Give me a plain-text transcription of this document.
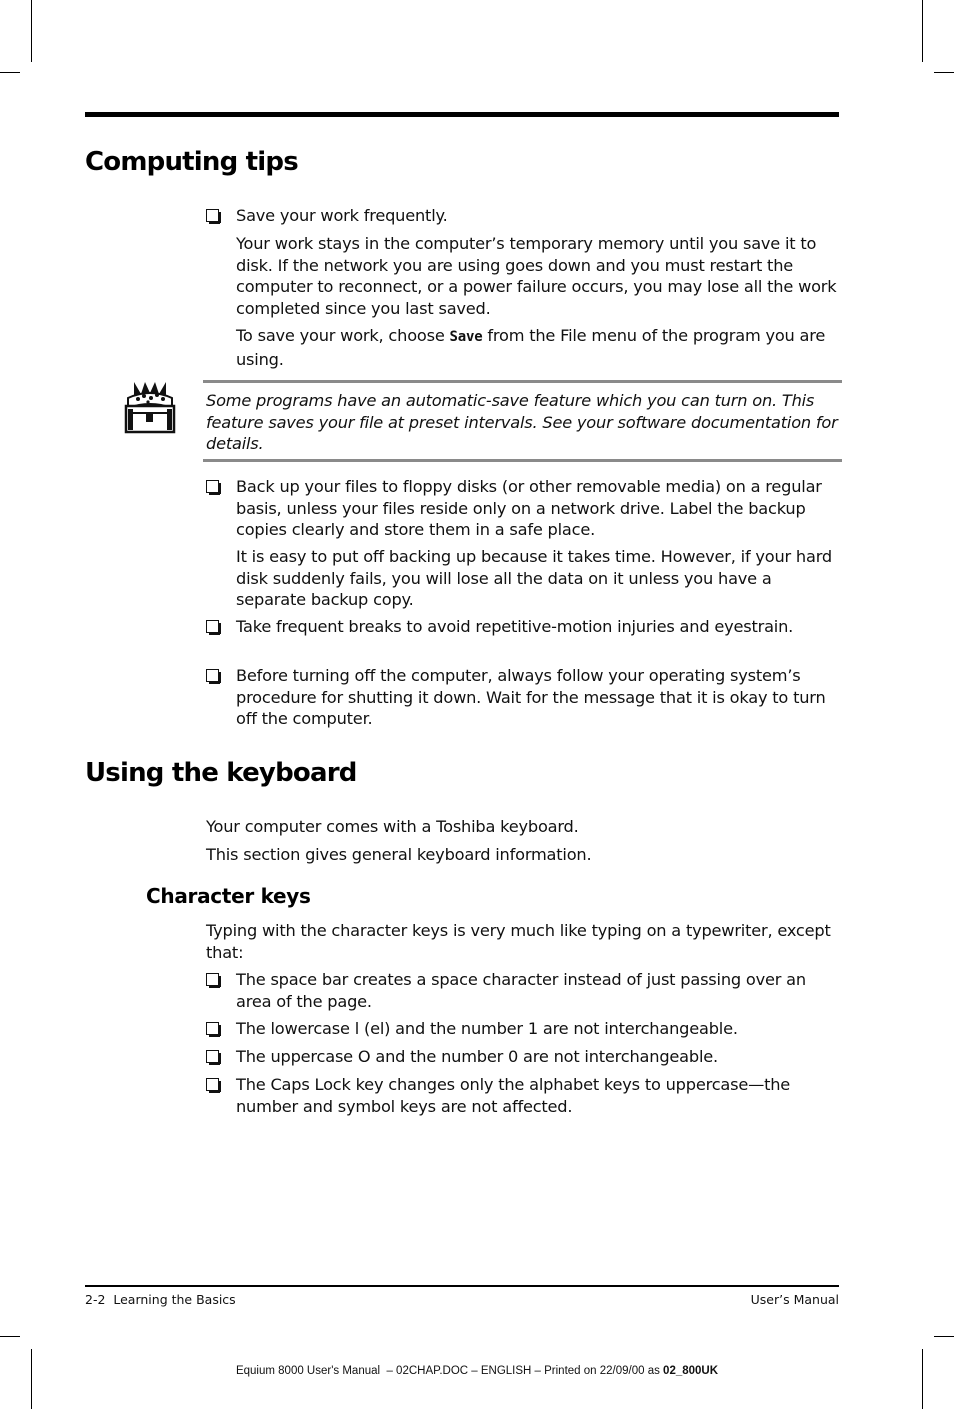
Computing tips
Save your work frequently.

Your work stays in the computer’s temporary memory until you save it to disk. If the network you are using goes down and you must restart the computer to reconnect, or a power failure occurs, you may lose all the work completed since you last saved.

To save your work, choose Save from the File menu of the program you are using.

Some programs have an automatic-save feature which you can turn on. This feature saves your file at preset intervals. See your software documentation for details.

Back up your files to floppy disks (or other removable media) on a regular basis, unless your files reside only on a network drive. Label the backup copies clearly and store them in a safe place.

It is easy to put off backing up because it takes time. However, if your hard disk suddenly fails, you will lose all the data on it unless you have a separate backup copy.

Take frequent breaks to avoid repetitive-motion injuries and eyestrain.
Before turning off the computer, always follow your operating system’s procedure for shutting it down. Wait for the message that it is okay to turn off the computer.
Using the keyboard

Your computer comes with a Toshiba keyboard.

This section gives general keyboard information.

Character keys

Typing with the character keys is very much like typing on a typewriter, except that:

The space bar creates a space character instead of just passing over an area of the page.
The lowercase l (el) and the number 1 are not interchangeable.
The uppercase O and the number 0 are not interchangeable.
The Caps Lock key changes only the alphabet keys to uppercase—the number and symbol keys are not affected.
2-2  Learning the Basics	User’s Manual
Equium 8000 User's Manual  – 02CHAP.DOC – ENGLISH – Printed on 22/09/00 as 02_800UK
